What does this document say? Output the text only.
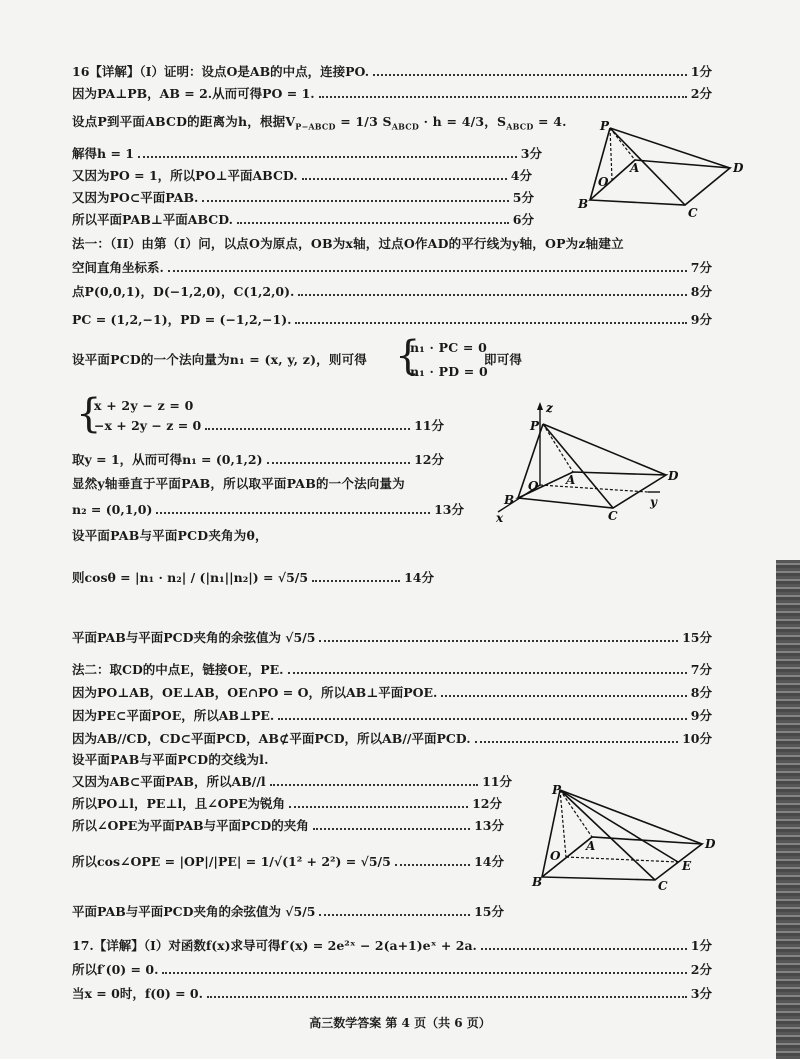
16【详解】（I）证明：设点O是AB的中点，连接PO.	1分
因为PA⊥PB，AB = 2.从而可得PO = 1.	2分
设点P到平面ABCD的距离为h，根据$V_{P-ABCD} = 1/3$ $S_{ABCD} \cdot h = 4/3$，$S_{ABCD} = 4$.
解得h = 1	3分
又因为PO = 1，所以PO⊥平面ABCD.	4分
又因为PO⊂平面PAB.	5分
所以平面PAB⊥平面ABCD.	6分
P
A
O
D
B
C
法一：（II）由第（I）问，以点O为原点，OB为x轴，过点O作AD的平行线为y轴，OP为z轴建立
空间直角坐标系.	7分
点P(0,0,1)，D(−1,2,0)，C(1,2,0).	8分
PC = (1,2,−1)，PD = (−1,2,−1).	9分
设平面PCD的一个法向量为n₁ = (x, y, z)，则可得 {
n₁ · PC = 0
n₁ · PD = 0
即可得
{
x + 2y − z = 0
−x + 2y − z = 0	11分
取y = 1，从而可得n₁ = (0,1,2)	12分
显然y轴垂直于平面PAB，所以取平面PAB的一个法向量为
n₂ = (0,1,0)	13分
设平面PAB与平面PCD夹角为θ，
则cosθ = |n₁ · n₂| / (|n₁||n₂|) = √5/5	14分
z
P
O A	D
B
C
x
y
平面PAB与平面PCD夹角的余弦值为 √5/5	15分
法二：取CD的中点E，链接OE，PE.	7分
因为PO⊥AB，OE⊥AB，OE∩PO = O，所以AB⊥平面POE.	8分
因为PE⊂平面POE，所以AB⊥PE.	9分
因为AB//CD，CD⊂平面PCD，AB⊄平面PCD，所以AB//平面PCD.	10分
设平面PAB与平面PCD的交线为l.
又因为AB⊂平面PAB，所以AB//l	11分
所以PO⊥l，PE⊥l，且∠OPE为锐角	12分
所以∠OPE为平面PAB与平面PCD的夹角	13分
所以cos∠OPE = |OP|/|PE| = 1/√(1² + 2²) = √5/5	14分
平面PAB与平面PCD夹角的余弦值为 √5/5	15分
P
A
O
D
E
B	C
17.【详解】（I）对函数f(x)求导可得f′(x) = 2e²ˣ − 2(a+1)eˣ + 2a.	1分
所以f′(0) = 0.	2分
当x = 0时，f(0) = 0.	3分
高三数学答案 第 4 页（共 6 页）
